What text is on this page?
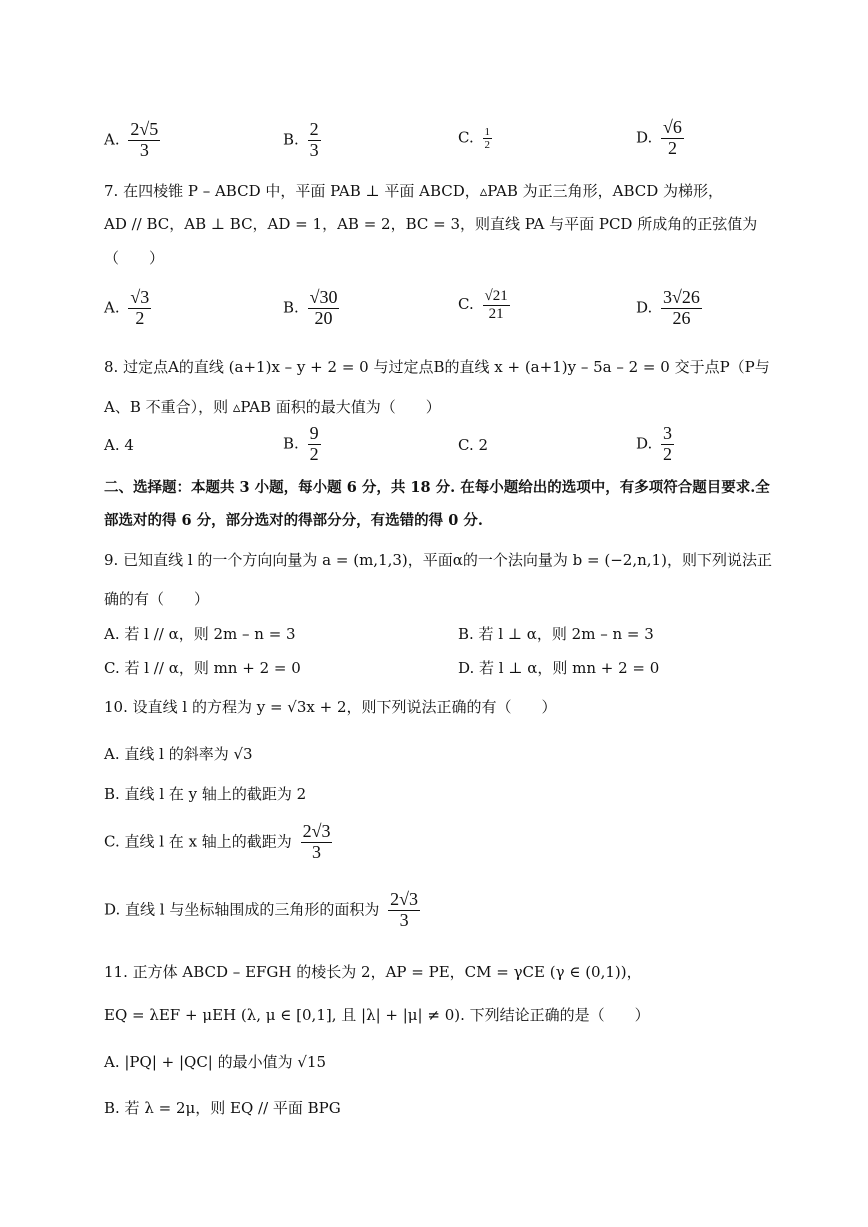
A. $\frac{2√5}{3}$	B. $\frac{2}{3}$	C. $\frac{1}{2}$	D. $\frac{√6}{2}$
7. 在四棱锥 P – ABCD 中，平面 PAB ⊥ 平面 ABCD，▵PAB 为正三角形，ABCD 为梯形，
AD // BC，AB ⊥ BC，AD = 1，AB = 2，BC = 3，则直线 PA 与平面 PCD 所成角的正弦值为
（　　）
A. $\frac{√3}{2}$	B. $\frac{√30}{20}$	C. $\frac{√21}{21}$	D. $\frac{3√26}{26}$
8. 过定点A的直线 (a+1)x – y + 2 = 0 与过定点B的直线 x + (a+1)y – 5a – 2 = 0 交于点P（P与
A、B 不重合），则 ▵PAB 面积的最大值为（　　）
A. 4	B. $\frac{9}{2}$	C. 2	D. $\frac{3}{2}$
二、选择题：本题共 3 小题，每小题 6 分，共 18 分. 在每小题给出的选项中，有多项符合题目要求.全
部选对的得 6 分，部分选对的得部分分，有选错的得 0 分.
9. 已知直线 l 的一个方向向量为 a = (m,1,3)，平面α的一个法向量为 b = (−2,n,1)，则下列说法正
确的有（　　）
A. 若 l // α，则 2m – n = 3	B. 若 l ⊥ α，则 2m – n = 3
C. 若 l // α，则 mn + 2 = 0	D. 若 l ⊥ α，则 mn + 2 = 0
10. 设直线 l 的方程为 y = √3x + 2，则下列说法正确的有（　　）
A. 直线 l 的斜率为 √3
B. 直线 l 在 y 轴上的截距为 2
C. 直线 l 在 x 轴上的截距为 $\frac{2√3}{3}$
D. 直线 l 与坐标轴围成的三角形的面积为 $\frac{2√3}{3}$
11. 正方体 ABCD – EFGH 的棱长为 2，AP = PE，CM = γCE (γ ∈ (0,1))，
EQ = λEF + μEH (λ, μ ∈ [0,1], 且 |λ| + |μ| ≠ 0). 下列结论正确的是（　　）
A. |PQ| + |QC| 的最小值为 √15
B. 若 λ = 2μ，则 EQ // 平面 BPG
